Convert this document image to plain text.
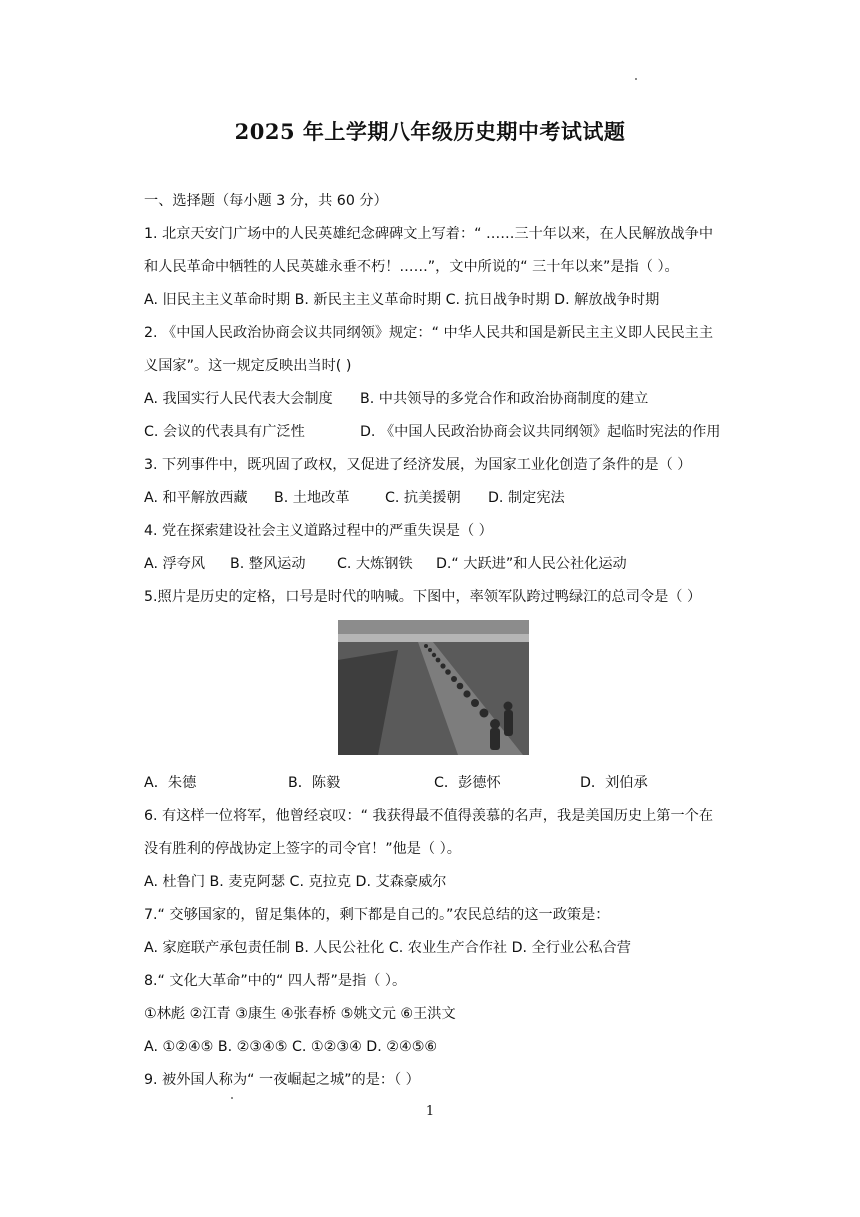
2025 年上学期八年级历史期中考试试题
一、选择题（每小题 3 分，共 60 分）
1. 北京天安门广场中的人民英雄纪念碑碑文上写着：“ ……三十年以来，在人民解放战争中
和人民革命中牺牲的人民英雄永垂不朽！……”，文中所说的“ 三十年以来”是指（ ）。
A. 旧民主主义革命时期 B. 新民主主义革命时期 C. 抗日战争时期 D. 解放战争时期
2. 《中国人民政治协商会议共同纲领》规定：“ 中华人民共和国是新民主主义即人民民主主
义国家”。这一规定反映出当时( )
A. 我国实行人民代表大会制度 B. 中共领导的多党合作和政治协商制度的建立
C. 会议的代表具有广泛性	D. 《中国人民政治协商会议共同纲领》起临时宪法的作用
3. 下列事件中，既巩固了政权，又促进了经济发展，为国家工业化创造了条件的是（ ）
A. 和平解放西藏 B. 土地改革 C. 抗美援朝 D. 制定宪法
4. 党在探索建设社会主义道路过程中的严重失误是（ ）
A. 浮夸风 B. 整风运动 C. 大炼钢铁 D.“ 大跃进”和人民公社化运动
5.照片是历史的定格，口号是时代的呐喊。下图中，率领军队跨过鸭绿江的总司令是（ ）
A．朱德	B．陈毅	C．彭德怀	D．刘伯承
6. 有这样一位将军，他曾经哀叹：“ 我获得最不值得羡慕的名声，我是美国历史上第一个在
没有胜利的停战协定上签字的司令官！”他是（ ）。
A. 杜鲁门 B. 麦克阿瑟 C. 克拉克 D. 艾森豪威尔
7.“ 交够国家的，留足集体的，剩下都是自己的。”农民总结的这一政策是：
A. 家庭联产承包责任制 B. 人民公社化 C. 农业生产合作社 D. 全行业公私合营
8.“ 文化大革命”中的“ 四人帮”是指（ ）。
①林彪 ②江青 ③康生 ④张春桥 ⑤姚文元 ⑥王洪文
A. ①②④⑤ B. ②③④⑤ C. ①②③④ D. ②④⑤⑥
9. 被外国人称为“ 一夜崛起之城”的是：（ ）
1
